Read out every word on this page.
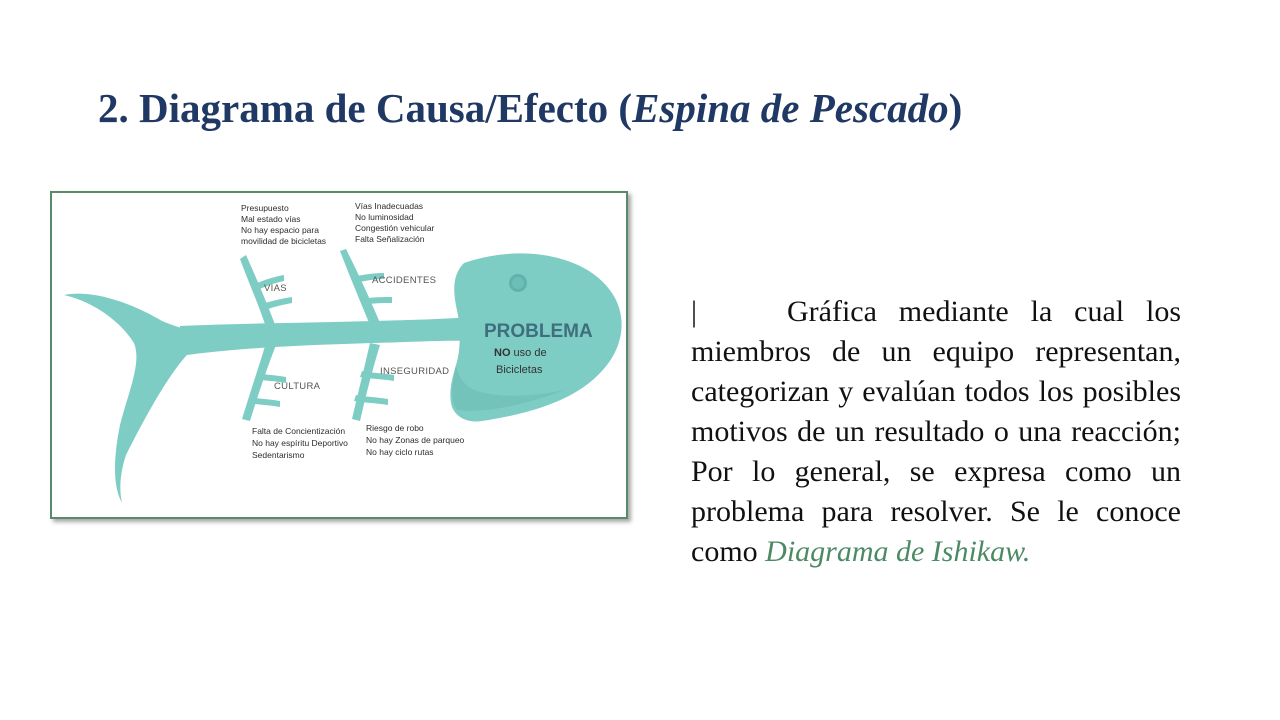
2. Diagrama de Causa/Efecto (Espina de Pescado)
PROBLEMA
NO uso de
Bicicletas
VIAS
ACCIDENTES
CULTURA
INSEGURIDAD
Presupuesto
Mal estado vías
No hay espacio para
movilidad de bicicletas
Vías Inadecuadas
No luminosidad
Congestión vehicular
Falta Señalización
Falta de Concientización
No hay espíritu Deportivo
Sedentarismo
Riesgo de robo
No hay Zonas de parqueo
No hay ciclo rutas

|	Gráfica mediante la cual los miembros de un equipo representan, categorizan y evalúan todos los posibles motivos de un resultado o una reacción; Por lo general, se expresa como un problema para resolver. Se le conoce como Diagrama de Ishikaw.
